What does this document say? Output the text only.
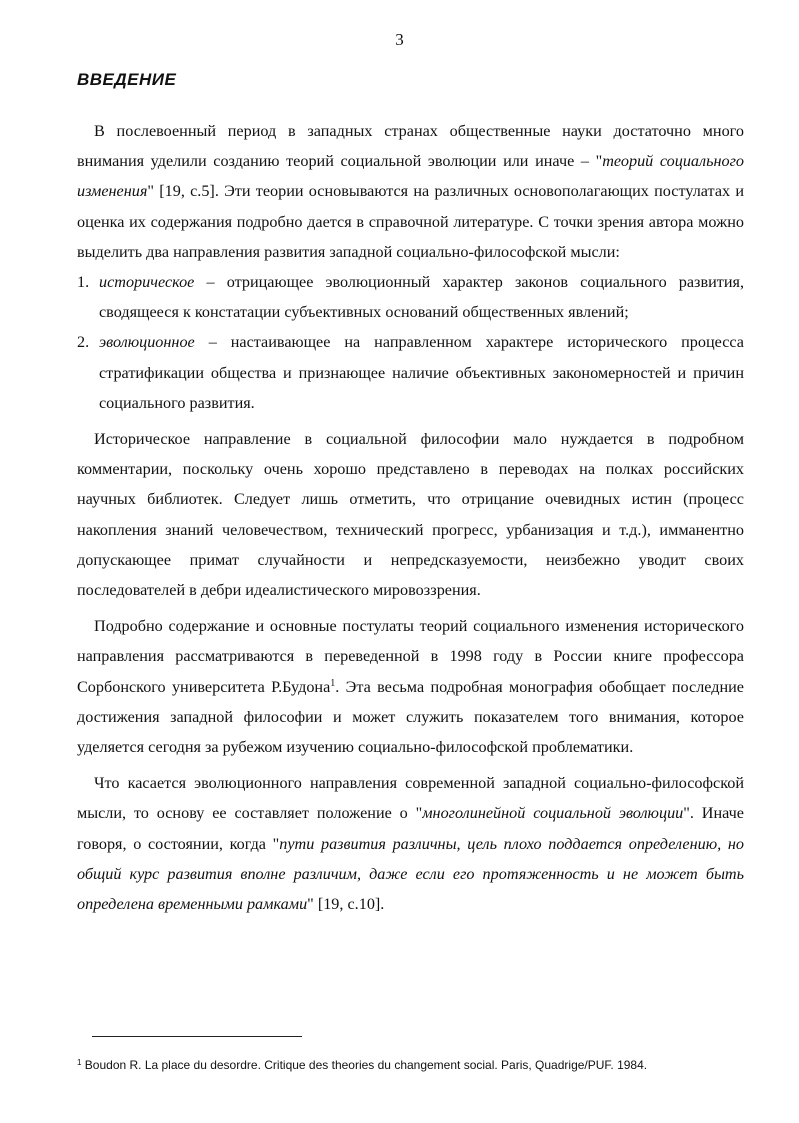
3
ВВЕДЕНИЕ

В послевоенный период в западных странах общественные науки достаточно много внимания уделили созданию теорий социальной эволюции или иначе – "теорий социального изменения" [19, с.5]. Эти теории основываются на различных основополагающих постулатах и оценка их содержания подробно дается в справочной литературе. С точки зрения автора можно выделить два направления развития западной социально-философской мысли:

1. историческое – отрицающее эволюционный характер законов социального развития, сводящееся к констатации субъективных оснований общественных явлений;
2. эволюционное – настаивающее на направленном характере исторического процесса стратификации общества и признающее наличие объективных закономерностей и причин социального развития.

Историческое направление в социальной философии мало нуждается в подробном комментарии, поскольку очень хорошо представлено в переводах на полках российских научных библиотек. Следует лишь отметить, что отрицание очевидных истин (процесс накопления знаний человечеством, технический прогресс, урбанизация и т.д.), имманентно допускающее примат случайности и непредсказуемости, неизбежно уводит своих последователей в дебри идеалистического мировоззрения.

Подробно содержание и основные постулаты теорий социального изменения исторического направления рассматриваются в переведенной в 1998 году в России книге профессора Сорбонского университета Р.Будона$^1$. Эта весьма подробная монография обобщает последние достижения западной философии и может служить показателем того внимания, которое уделяется сегодня за рубежом изучению социально-философской проблематики.

Что касается эволюционного направления современной западной социально-философской мысли, то основу ее составляет положение о "многолинейной социальной эволюции". Иначе говоря, о состоянии, когда "пути развития различны, цель плохо поддается определению, но общий курс развития вполне различим, даже если его протяженность и не может быть определена временными рамками" [19, с.10].

$^1$ Boudon R. La place du desordre. Critique des theories du changement social. Paris, Quadrige/PUF. 1984.
